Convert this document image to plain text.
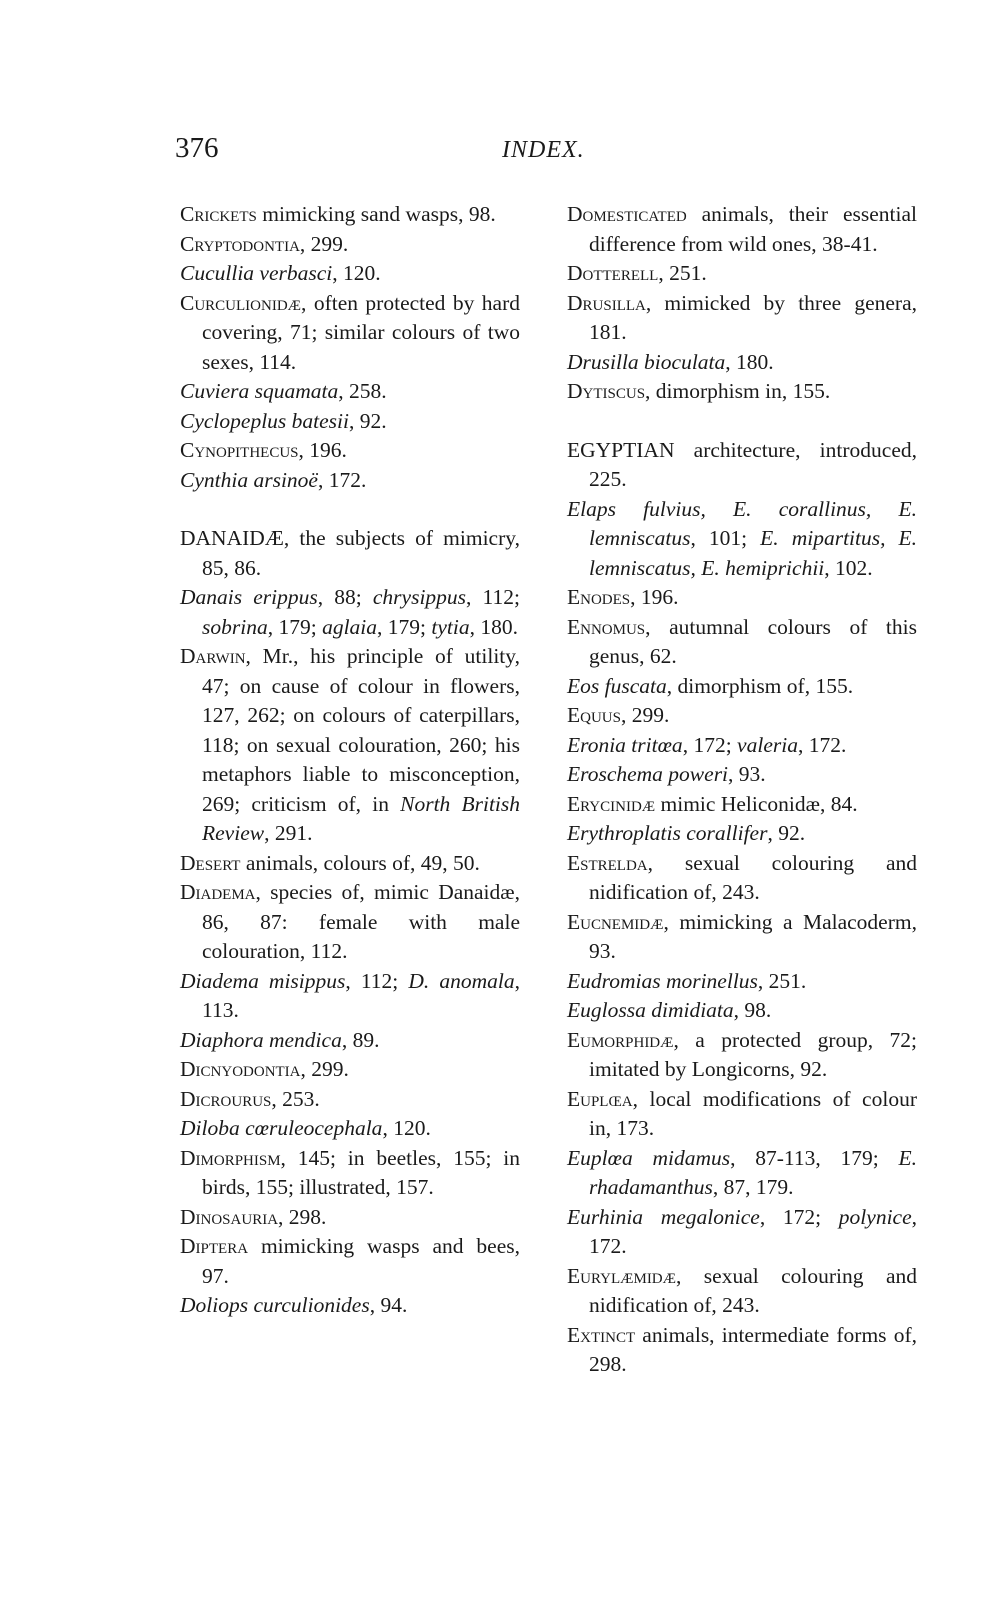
376	INDEX.

Crickets mimicking sand wasps, 98.

Cryptodontia, 299.

Cucullia verbasci, 120.

Curculionidæ, often protected by hard covering, 71; similar colours of two sexes, 114.

Cuviera squamata, 258.

Cyclopeplus batesii, 92.

Cynopithecus, 196.

Cynthia arsinoë, 172.

DANAIDÆ, the subjects of mimicry, 85, 86.

Danais erippus, 88; chrysippus, 112; sobrina, 179; aglaia, 179; tytia, 180.

Darwin, Mr., his principle of utility, 47; on cause of colour in flowers, 127, 262; on colours of caterpillars, 118; on sexual colouration, 260; his metaphors liable to misconception, 269; criticism of, in North British Review, 291.

Desert animals, colours of, 49, 50.

Diadema, species of, mimic Danaidæ, 86, 87: female with male colouration, 112.

Diadema misippus, 112; D. anomala, 113.

Diaphora mendica, 89.

Dicnyodontia, 299.

Dicrourus, 253.

Diloba cœruleocephala, 120.

Dimorphism, 145; in beetles, 155; in birds, 155; illustrated, 157.

Dinosauria, 298.

Diptera mimicking wasps and bees, 97.

Doliops curculionides, 94.

Domesticated animals, their essential difference from wild ones, 38-41.

Dotterell, 251.

Drusilla, mimicked by three genera, 181.

Drusilla bioculata, 180.

Dytiscus, dimorphism in, 155.

EGYPTIAN architecture, introduced, 225.

Elaps fulvius, E. corallinus, E. lemniscatus, 101; E. mipartitus, E. lemniscatus, E. hemiprichii, 102.

Enodes, 196.

Ennomus, autumnal colours of this genus, 62.

Eos fuscata, dimorphism of, 155.

Equus, 299.

Eronia tritœa, 172; valeria, 172.

Eroschema poweri, 93.

Erycinidæ mimic Heliconidæ, 84.

Erythroplatis corallifer, 92.

Estrelda, sexual colouring and nidification of, 243.

Eucnemidæ, mimicking a Malacoderm, 93.

Eudromias morinellus, 251.

Euglossa dimidiata, 98.

Eumorphidæ, a protected group, 72; imitated by Longicorns, 92.

Euplœa, local modifications of colour in, 173.

Euplœa midamus, 87-113, 179; E. rhadamanthus, 87, 179.

Eurhinia megalonice, 172; polynice, 172.

Eurylæmidæ, sexual colouring and nidification of, 243.

Extinct animals, intermediate forms of, 298.
